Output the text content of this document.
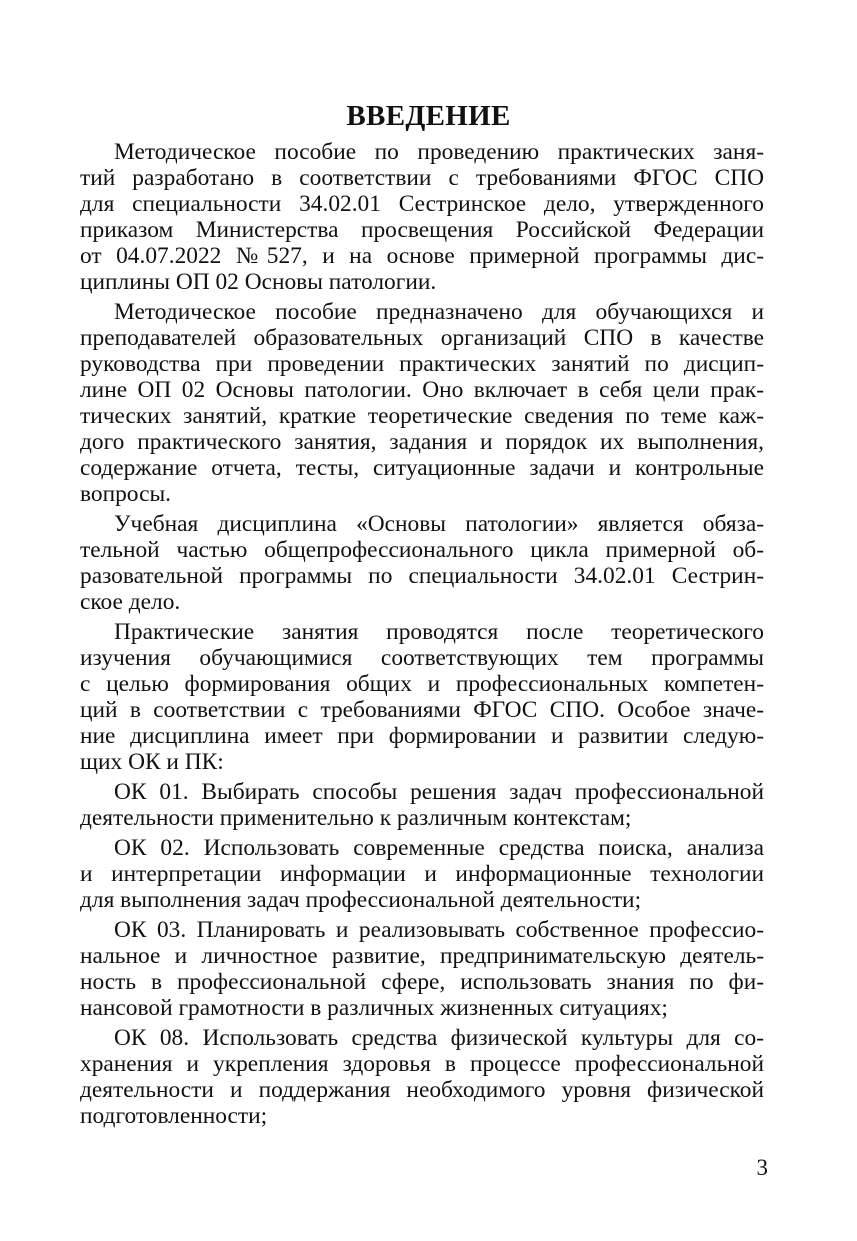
ВВЕДЕНИЕ
Методическое пособие по проведению практических заня-
тий разработано в соответствии с требованиями ФГОС СПО
для специальности 34.02.01 Сестринское дело, утвержденного
приказом Министерства просвещения Российской Федерации
от 04.07.2022 №527, и на основе примерной программы дис-
циплины ОП 02 Основы патологии.
Методическое пособие предназначено для обучающихся и
преподавателей образовательных организаций СПО в качестве
руководства при проведении практических занятий по дисцип-
лине ОП 02 Основы патологии. Оно включает в себя цели прак-
тических занятий, краткие теоретические сведения по теме каж-
дого практического занятия, задания и порядок их выполнения,
содержание отчета, тесты, ситуационные задачи и контрольные
вопросы.
Учебная дисциплина «Основы патологии» является обяза-
тельной частью общепрофессионального цикла примерной об-
разовательной программы по специальности 34.02.01 Сестрин-
ское дело.
Практические занятия проводятся после теоретического
изучения обучающимися соответствующих тем программы
с целью формирования общих и профессиональных компетен-
ций в соответствии с требованиями ФГОС СПО. Особое значе-
ние дисциплина имеет при формировании и развитии следую-
щих ОК и ПК:
ОК 01. Выбирать способы решения задач профессиональной
деятельности применительно к различным контекстам;
ОК 02. Использовать современные средства поиска, анализа
и интерпретации информации и информационные технологии
для выполнения задач профессиональной деятельности;
ОК 03. Планировать и реализовывать собственное профессио-
нальное и личностное развитие, предпринимательскую деятель-
ность в профессиональной сфере, использовать знания по фи-
нансовой грамотности в различных жизненных ситуациях;
ОК 08. Использовать средства физической культуры для со-
хранения и укрепления здоровья в процессе профессиональной
деятельности и поддержания необходимого уровня физической
подготовленности;
3
